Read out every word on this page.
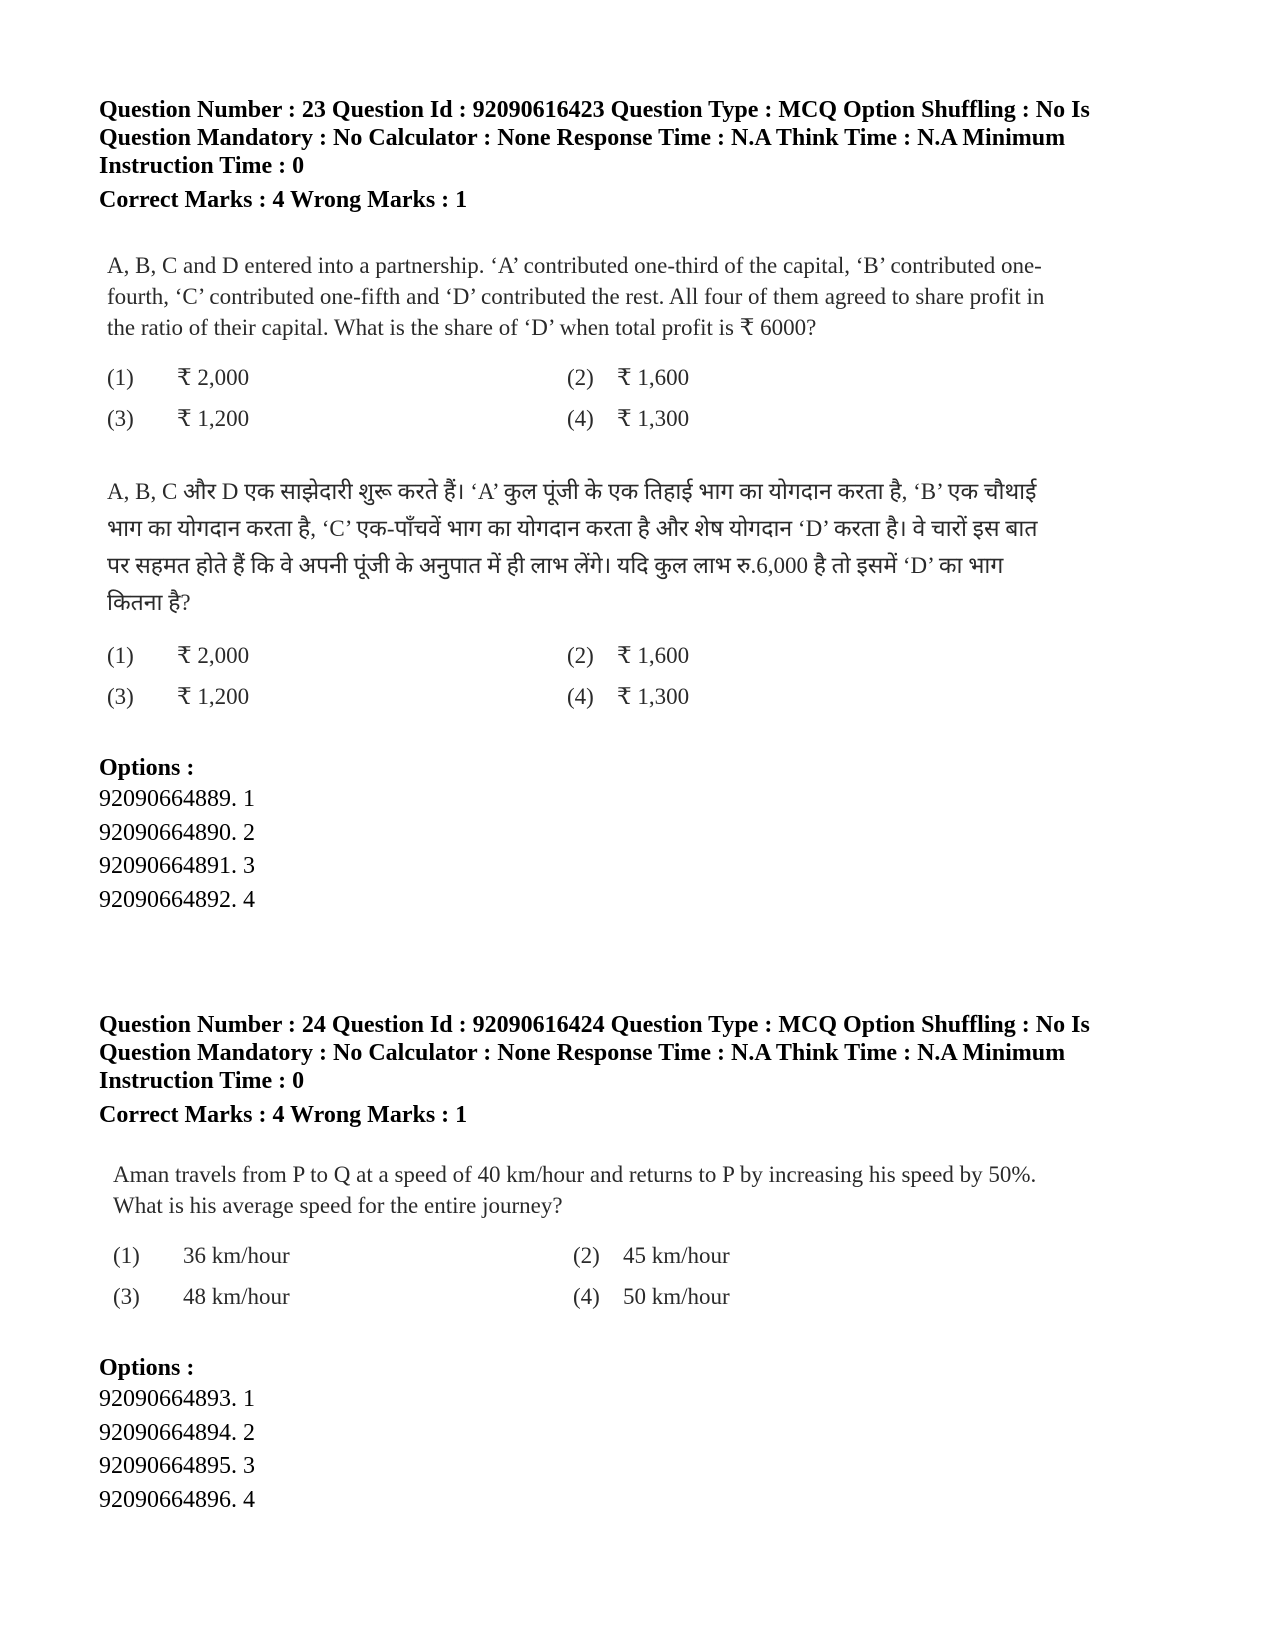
Question Number : 23 Question Id : 92090616423 Question Type : MCQ Option Shuffling : No Is
Question Mandatory : No Calculator : None Response Time : N.A Think Time : N.A Minimum
Instruction Time : 0

Correct Marks : 4 Wrong Marks : 1

A, B, C and D entered into a partnership. ‘A’ contributed one-third of the capital, ‘B’ contributed one-fourth, ‘C’ contributed one-fifth and ‘D’ contributed the rest. All four of them agreed to share profit in the ratio of their capital. What is the share of ‘D’ when total profit is ₹ 6000?

(1)	₹ 2,000	(2)	₹ 1,600
(3)	₹ 1,200	(4)	₹ 1,300

A, B, C और D एक साझेदारी शुरू करते हैं। ‘A’ कुल पूंजी के एक तिहाई भाग का योगदान करता है, ‘B’ एक चौथाई भाग का योगदान करता है, ‘C’ एक-पाँचवें भाग का योगदान करता है और शेष योगदान ‘D’ करता है। वे चारों इस बात पर सहमत होते हैं कि वे अपनी पूंजी के अनुपात में ही लाभ लेंगे। यदि कुल लाभ रु.6,000 है तो इसमें ‘D’ का भाग कितना है?

(1)	₹ 2,000	(2)	₹ 1,600
(3)	₹ 1,200	(4)	₹ 1,300

Options :

92090664889. 1

92090664890. 2

92090664891. 3

92090664892. 4

Question Number : 24 Question Id : 92090616424 Question Type : MCQ Option Shuffling : No Is
Question Mandatory : No Calculator : None Response Time : N.A Think Time : N.A Minimum
Instruction Time : 0

Correct Marks : 4 Wrong Marks : 1

Aman travels from P to Q at a speed of 40 km/hour and returns to P by increasing his speed by 50%. What is his average speed for the entire journey?

(1)	36 km/hour	(2)	45 km/hour
(3)	48 km/hour	(4)	50 km/hour

Options :

92090664893. 1

92090664894. 2

92090664895. 3

92090664896. 4
